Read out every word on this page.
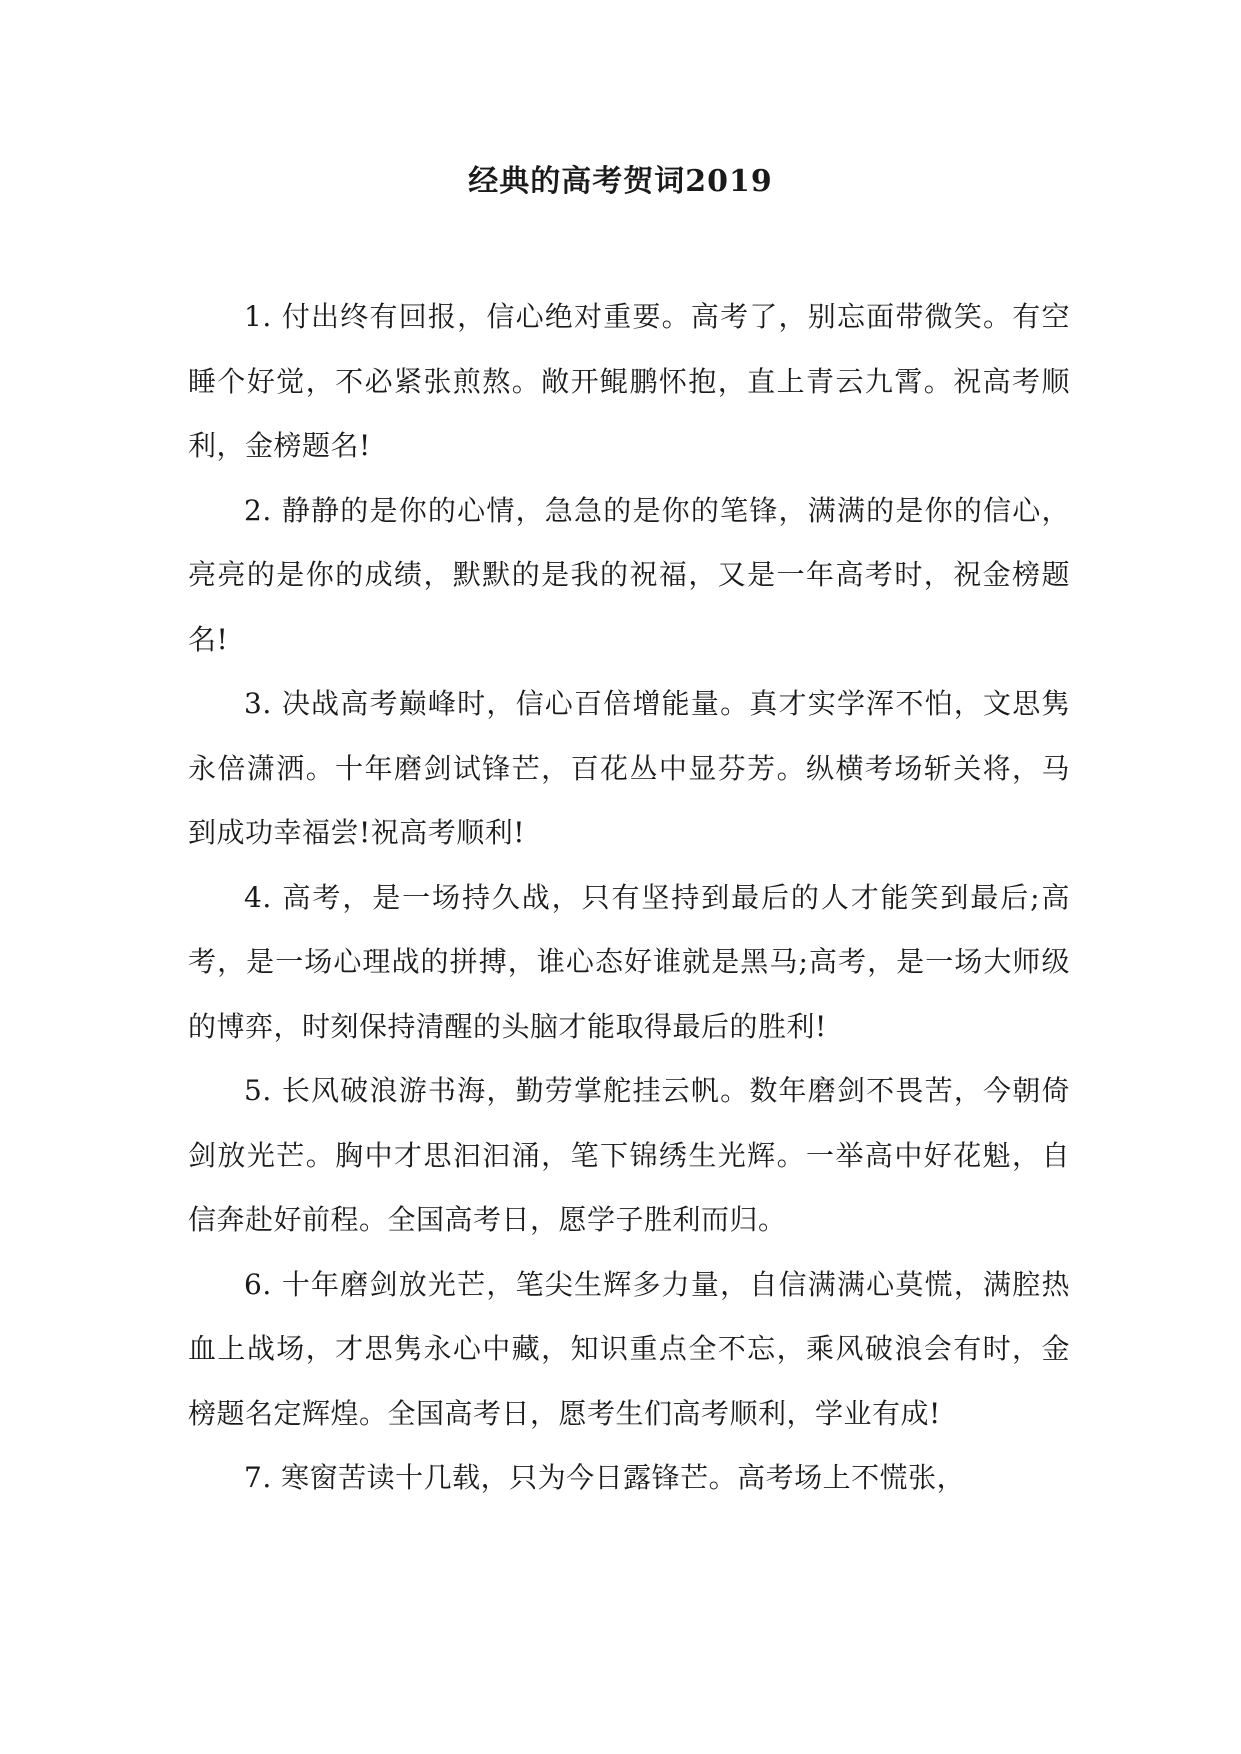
经典的高考贺词2019

1. 付出终有回报，信心绝对重要。高考了，别忘面带微笑。有空睡个好觉，不必紧张煎熬。敞开鲲鹏怀抱，直上青云九霄。祝高考顺利，金榜题名!

2. 静静的是你的心情，急急的是你的笔锋，满满的是你的信心，亮亮的是你的成绩，默默的是我的祝福，又是一年高考时，祝金榜题名!

3. 决战高考巅峰时，信心百倍增能量。真才实学浑不怕，文思隽永倍潇洒。十年磨剑试锋芒，百花丛中显芬芳。纵横考场斩关将，马到成功幸福尝!祝高考顺利!

4. 高考，是一场持久战，只有坚持到最后的人才能笑到最后;高考，是一场心理战的拼搏，谁心态好谁就是黑马;高考，是一场大师级的博弈，时刻保持清醒的头脑才能取得最后的胜利!

5. 长风破浪游书海，勤劳掌舵挂云帆。数年磨剑不畏苦，今朝倚剑放光芒。胸中才思汩汩涌，笔下锦绣生光辉。一举高中好花魁，自信奔赴好前程。全国高考日，愿学子胜利而归。

6. 十年磨剑放光芒，笔尖生辉多力量，自信满满心莫慌，满腔热血上战场，才思隽永心中藏，知识重点全不忘，乘风破浪会有时，金榜题名定辉煌。全国高考日，愿考生们高考顺利，学业有成!

7. 寒窗苦读十几载，只为今日露锋芒。高考场上不慌张，
